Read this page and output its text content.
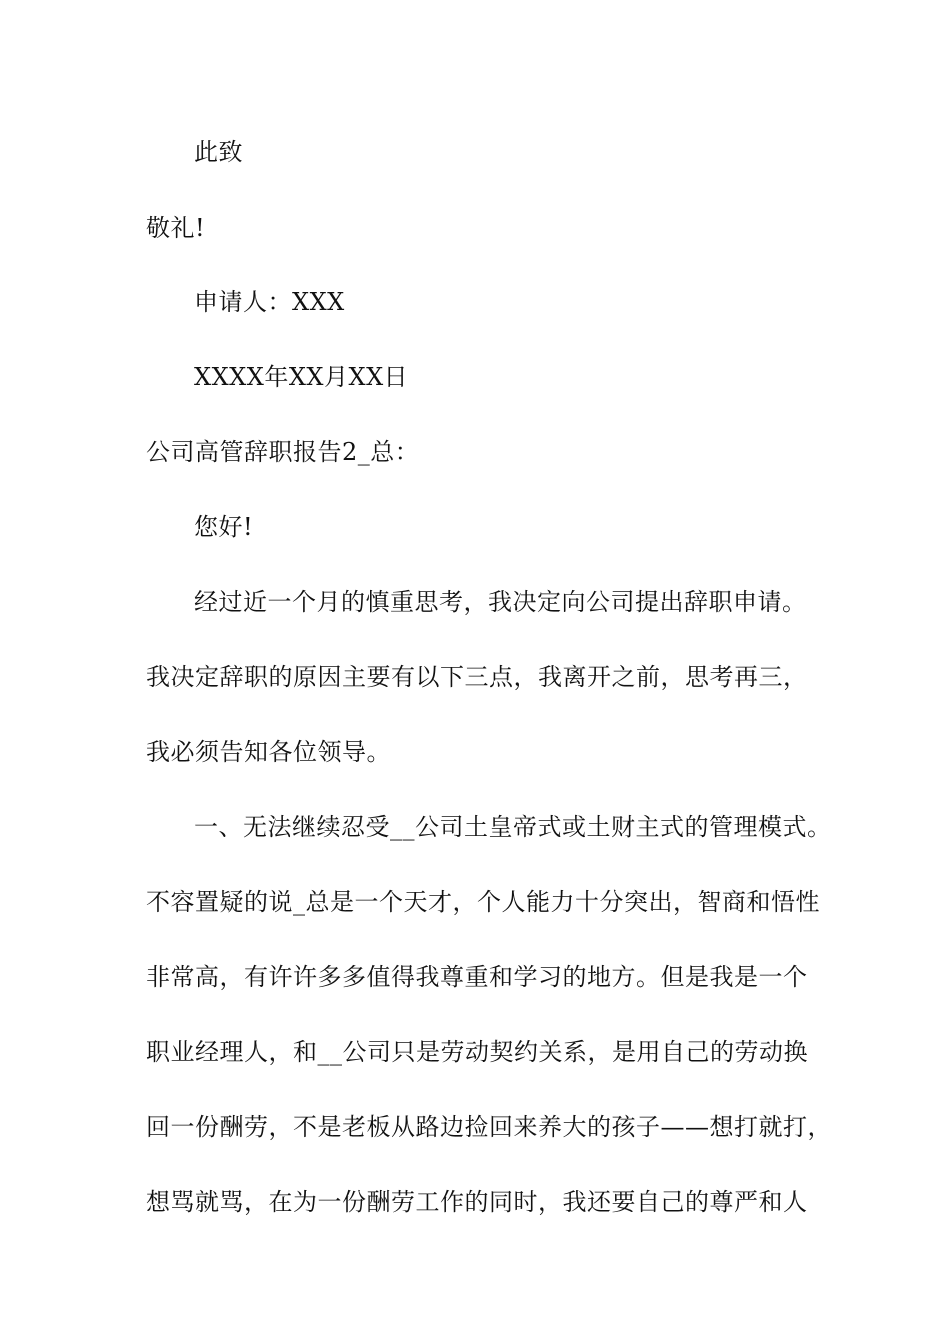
此致

敬礼!

申请人：XXX

XXXX年XX月XX日

公司高管辞职报告2_总：

您好!

经过近一个月的慎重思考，我决定向公司提出辞职申请。

我决定辞职的原因主要有以下三点，我离开之前，思考再三，

我必须告知各位领导。

一、无法继续忍受__公司土皇帝式或土财主式的管理模式。

不容置疑的说_总是一个天才，个人能力十分突出，智商和悟性

非常高，有许许多多值得我尊重和学习的地方。但是我是一个

职业经理人，和__公司只是劳动契约关系，是用自己的劳动换

回一份酬劳，不是老板从路边捡回来养大的孩子——想打就打，

想骂就骂，在为一份酬劳工作的同时，我还要自己的尊严和人
